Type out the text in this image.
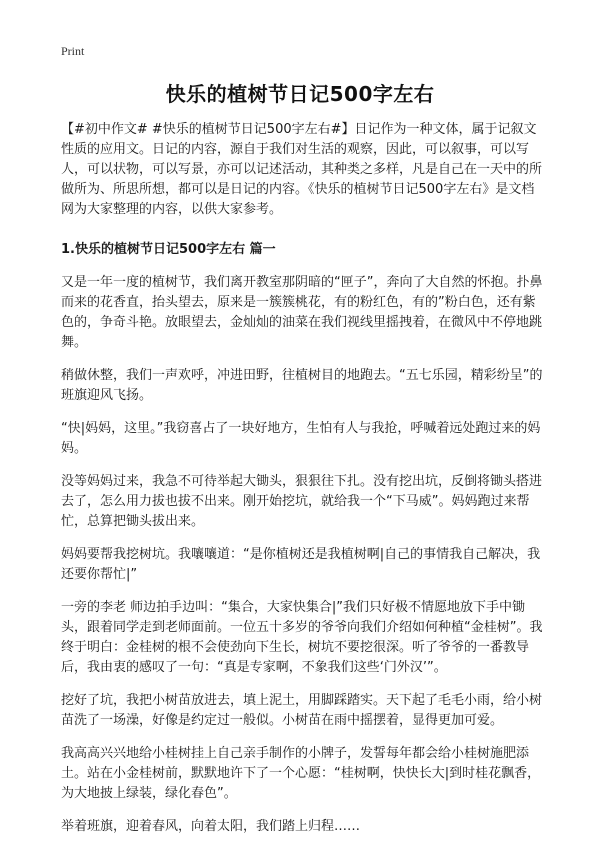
Print
快乐的植树节日记500字左右

【#初中作文# #快乐的植树节日记500字左右#】日记作为一种文体，属于记叙文性质的应用文。日记的内容，源自于我们对生活的观察，因此，可以叙事，可以写人，可以状物，可以写景，亦可以记述活动，其种类之多样，凡是自己在一天中的所做所为、所思所想，都可以是日记的内容。《快乐的植树节日记500字左右》是文档网为大家整理的内容，以供大家参考。

1.快乐的植树节日记500字左右 篇一

又是一年一度的植树节，我们离开教室那阴暗的“匣子”，奔向了大自然的怀抱。扑鼻而来的花香直，抬头望去，原来是一簇簇桃花，有的粉红色，有的”粉白色，还有紫色的，争奇斗艳。放眼望去，金灿灿的油菜在我们视线里摇拽着，在微风中不停地跳舞。

稍做休整，我们一声欢呼，冲进田野，往植树目的地跑去。“五七乐园，精彩纷呈”的班旗迎风飞扬。

“快|妈妈，这里。”我窃喜占了一块好地方，生怕有人与我抢，呼喊着远处跑过来的妈妈。

没等妈妈过来，我急不可待举起大锄头，狠狠往下扎。没有挖出坑，反倒将锄头搭进去了，怎么用力拔也拔不出来。刚开始挖坑，就给我一个“下马威”。妈妈跑过来帮忙，总算把锄头拔出来。

妈妈要帮我挖树坑。我嚷嚷道：“是你植树还是我植树啊|自己的事情我自己解决，我还要你帮忙|”

一旁的李老 师边拍手边叫：“集合，大家快集合|”我们只好极不情愿地放下手中锄头，跟着同学走到老师面前。一位五十多岁的爷爷向我们介绍如何种植“金桂树”。我终于明白：金桂树的根不会使劲向下生长，树坑不要挖很深。听了爷爷的一番教导后，我由衷的感叹了一句：“真是专家啊，不象我们这些‘门外汉’”。

挖好了坑，我把小树苗放进去，填上泥土，用脚踩踏实。天下起了毛毛小雨，给小树苗洗了一场澡，好像是约定过一般似。小树苗在雨中摇摆着，显得更加可爱。

我高高兴兴地给小桂树挂上自己亲手制作的小牌子，发誓每年都会给小桂树施肥添土。站在小金桂树前，默默地许下了一个心愿：“桂树啊，快快长大|到时桂花飘香，为大地披上绿装，绿化春色”。

举着班旗，迎着春风，向着太阳，我们踏上归程……
